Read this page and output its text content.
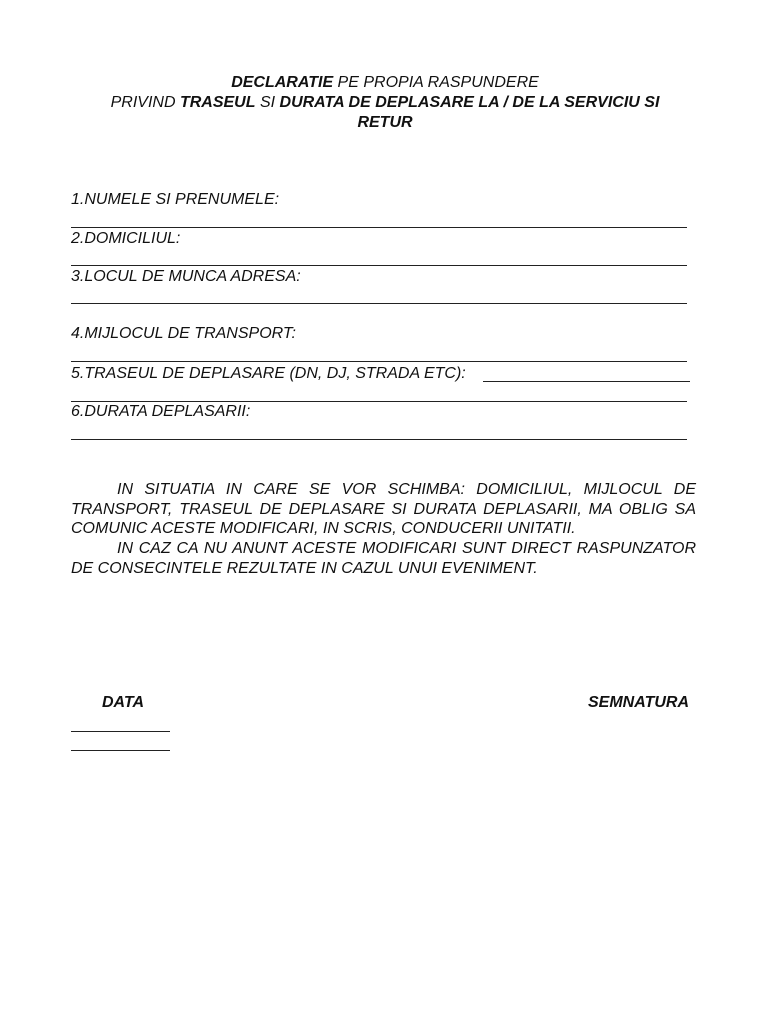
DECLARATIE PE PROPIA RASPUNDERE
PRIVIND TRASEUL SI DURATA DE DEPLASARE LA / DE LA SERVICIU SI
RETUR
1.NUMELE SI PRENUMELE:
2.DOMICILIUL:
3.LOCUL DE MUNCA ADRESA:
4.MIJLOCUL DE TRANSPORT:
5.TRASEUL DE DEPLASARE (DN, DJ, STRADA ETC):
6.DURATA DEPLASARII:

IN SITUATIA IN CARE SE VOR SCHIMBA: DOMICILIUL, MIJLOCUL DE TRANSPORT, TRASEUL DE DEPLASARE SI DURATA DEPLASARII, MA OBLIG SA COMUNIC ACESTE MODIFICARI, IN SCRIS, CONDUCERII UNITATII.

IN CAZ CA NU ANUNT ACESTE MODIFICARI SUNT DIRECT RASPUNZATOR DE CONSECINTELE REZULTATE IN CAZUL UNUI EVENIMENT.

DATA	SEMNATURA
